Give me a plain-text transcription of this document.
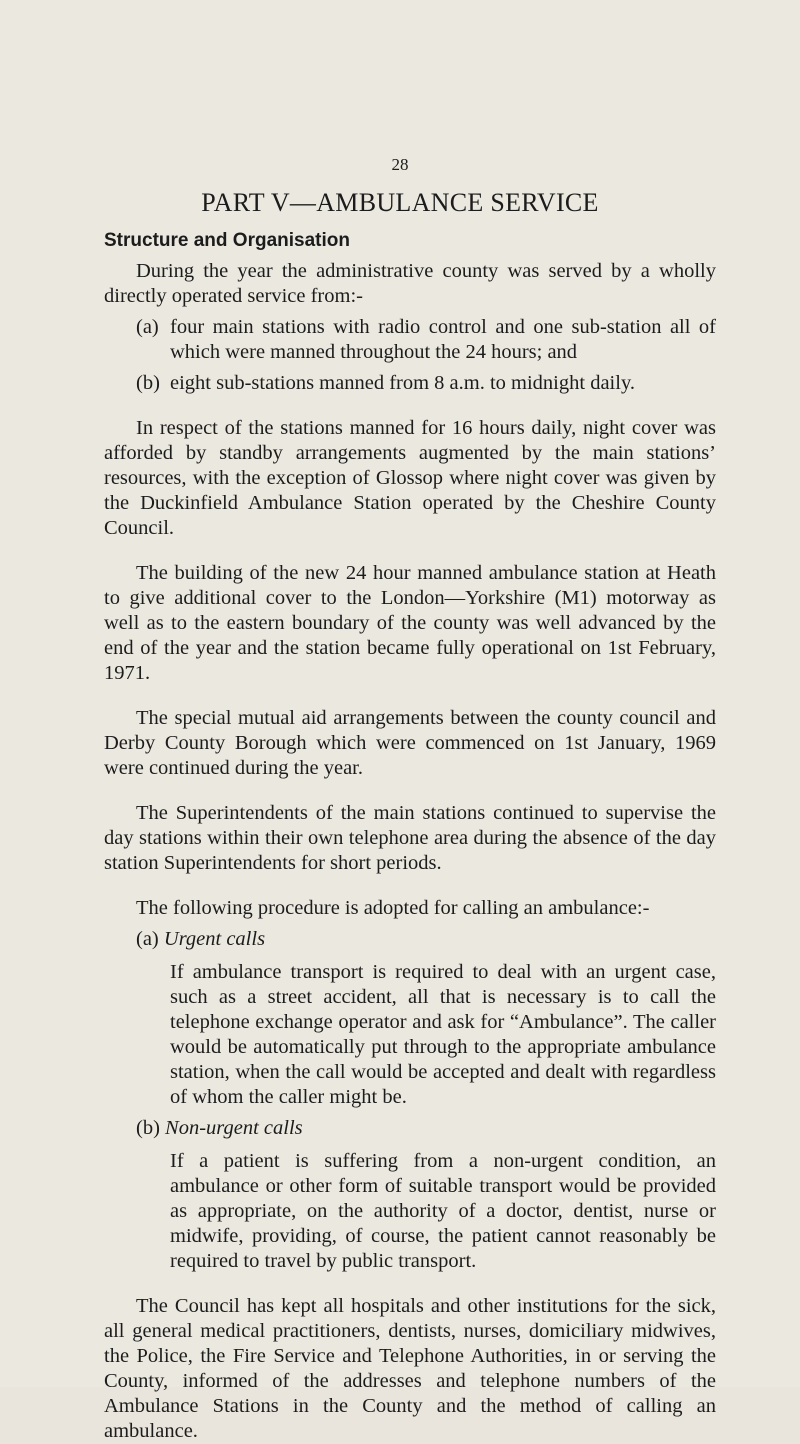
28
PART V—AMBULANCE SERVICE
Structure and Organisation

During the year the administrative county was served by a wholly directly operated service from:-

(a) four main stations with radio control and one sub-station all of which were manned throughout the 24 hours; and
(b) eight sub-stations manned from 8 a.m. to midnight daily.

In respect of the stations manned for 16 hours daily, night cover was afforded by standby arrangements augmented by the main stations’ resources, with the exception of Glossop where night cover was given by the Duckinfield Ambulance Station operated by the Cheshire County Council.

The building of the new 24 hour manned ambulance station at Heath to give additional cover to the London—Yorkshire (M1) motorway as well as to the eastern boundary of the county was well advanced by the end of the year and the station became fully operational on 1st February, 1971.

The special mutual aid arrangements between the county council and Derby County Borough which were commenced on 1st January, 1969 were continued during the year.

The Superintendents of the main stations continued to supervise the day stations within their own telephone area during the absence of the day station Superintendents for short periods.

The following procedure is adopted for calling an ambulance:-

(a) Urgent calls

If ambulance transport is required to deal with an urgent case, such as a street accident, all that is necessary is to call the telephone exchange operator and ask for “Ambulance”. The caller would be automatically put through to the appropriate ambulance station, when the call would be accepted and dealt with regardless of whom the caller might be.

(b) Non-urgent calls

If a patient is suffering from a non-urgent condition, an ambulance or other form of suitable transport would be provided as appropriate, on the authority of a doctor, dentist, nurse or midwife, providing, of course, the patient cannot reasonably be required to travel by public transport.

The Council has kept all hospitals and other institutions for the sick, all general medical practitioners, dentists, nurses, domiciliary midwives, the Police, the Fire Service and Telephone Authorities, in or serving the County, informed of the addresses and telephone numbers of the Ambulance Stations in the County and the method of calling an ambulance.
